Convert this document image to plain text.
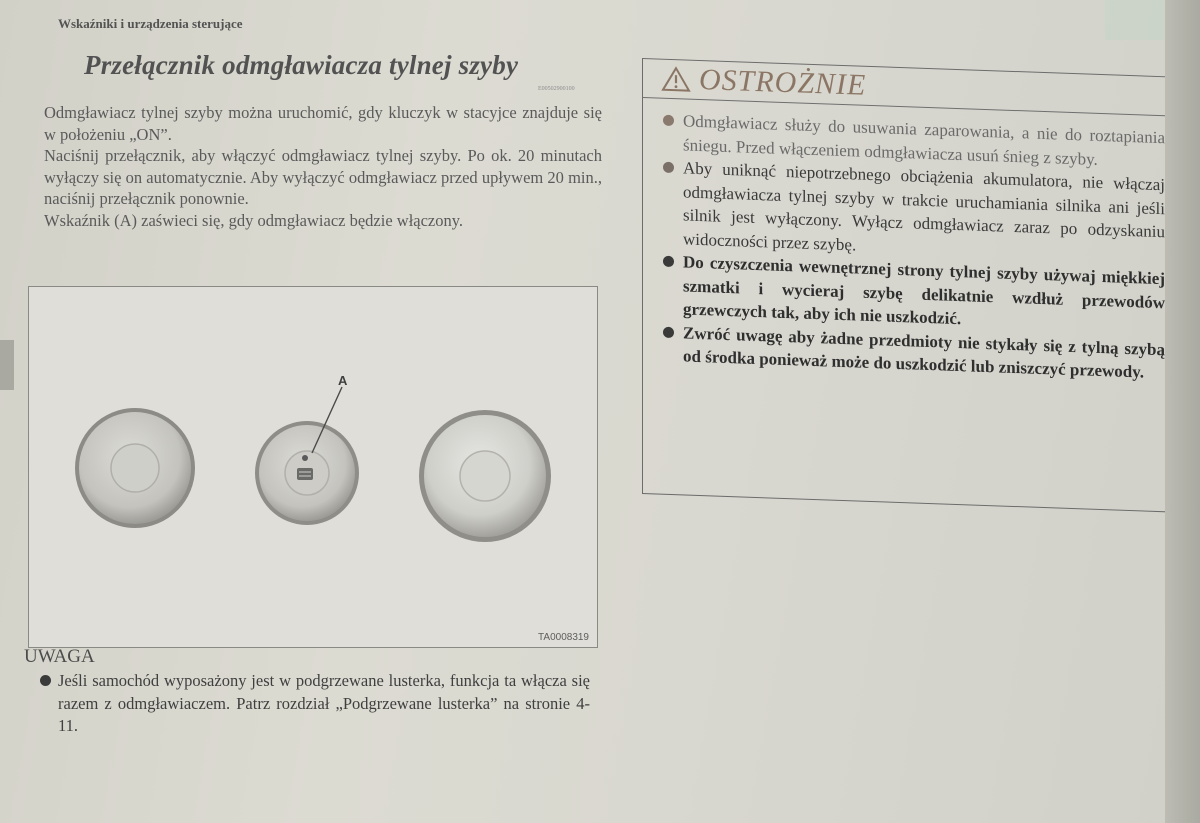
Wskaźniki i urządzenia sterujące
Przełącznik odmgławiacza tylnej szyby
E00502900100

Odmgławiacz tylnej szyby można uruchomić, gdy kluczyk w stacyjce znajduje się w położeniu „ON”.

Naciśnij przełącznik, aby włączyć odmgławiacz tylnej szyby. Po ok. 20 minutach wyłączy się on automatycznie. Aby wyłączyć odmgławiacz przed upływem 20 min., naciśnij przełącznik ponownie.

Wskaźnik (A) zaświeci się, gdy odmgławiacz będzie włączony.

A
TA0008319
UWAGA
Jeśli samochód wyposażony jest w podgrzewane lusterka, funkcja ta włącza się razem z odmgławiaczem. Patrz rozdział „Podgrzewane lusterka” na stronie 4-11.
OSTROŻNIE
Odmgławiacz służy do usuwania zaparowania, a nie do roztapiania śniegu. Przed włączeniem odmgławiacza usuń śnieg z szyby.
Aby uniknąć niepotrzebnego obciążenia akumulatora, nie włączaj odmgławiacza tylnej szyby w trakcie uruchamiania silnika ani jeśli silnik jest wyłączony. Wyłącz odmgławiacz zaraz po odzyskaniu widoczności przez szybę.
Do czyszczenia wewnętrznej strony tylnej szyby używaj miękkiej szmatki i wycieraj szybę delikatnie wzdłuż przewodów grzewczych tak, aby ich nie uszkodzić.
Zwróć uwagę aby żadne przedmioty nie stykały się z tylną szybą od środka ponieważ może do uszkodzić lub zniszczyć przewody.
